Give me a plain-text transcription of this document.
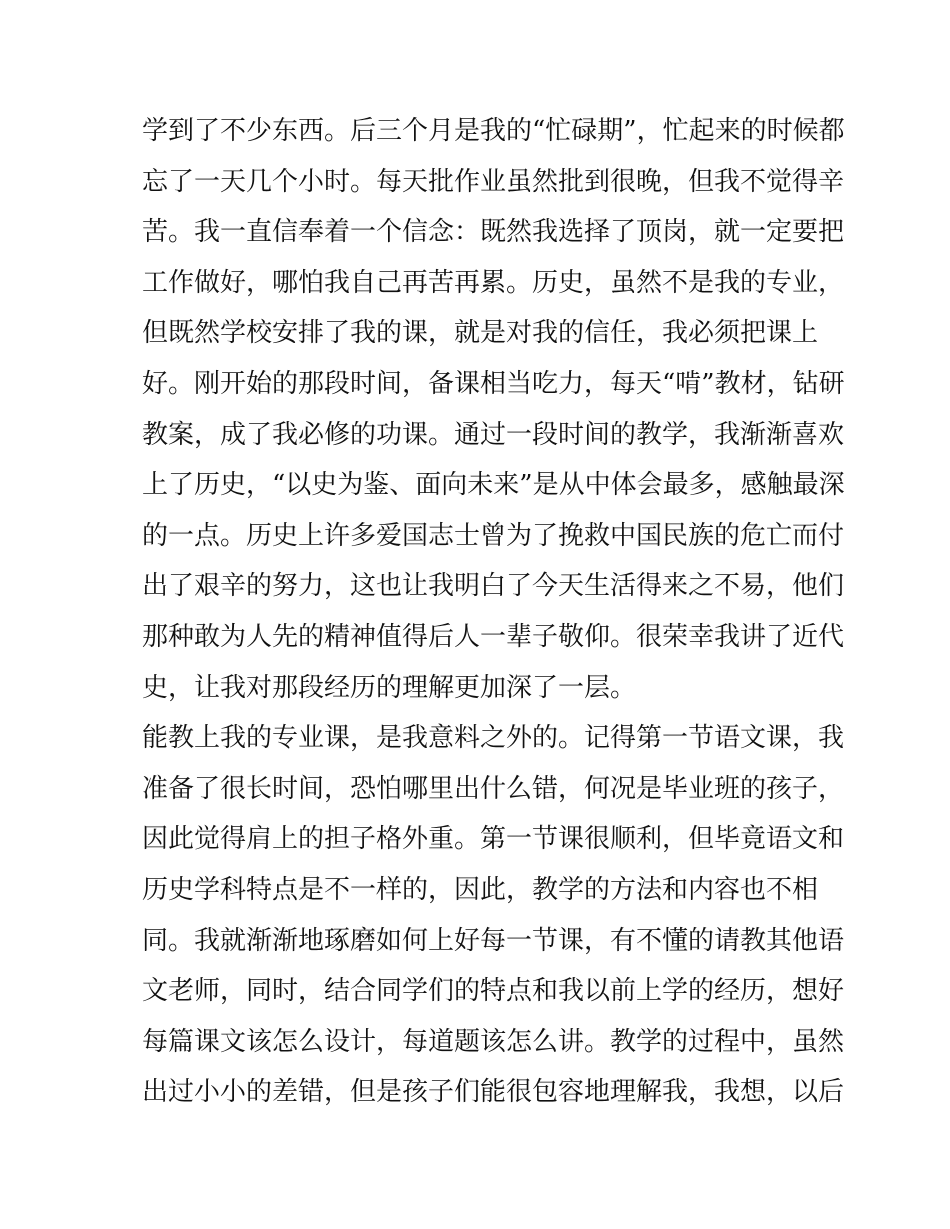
学到了不少东西。后三个月是我的“忙碌期”，忙起来的时候都
忘了一天几个小时。每天批作业虽然批到很晚，但我不觉得辛
苦。我一直信奉着一个信念：既然我选择了顶岗，就一定要把
工作做好，哪怕我自己再苦再累。历史，虽然不是我的专业，
但既然学校安排了我的课，就是对我的信任，我必须把课上
好。刚开始的那段时间，备课相当吃力，每天“啃”教材，钻研
教案，成了我必修的功课。通过一段时间的教学，我渐渐喜欢
上了历史，“以史为鉴、面向未来”是从中体会最多，感触最深
的一点。历史上许多爱国志士曾为了挽救中国民族的危亡而付
出了艰辛的努力，这也让我明白了今天生活得来之不易，他们
那种敢为人先的精神值得后人一辈子敬仰。很荣幸我讲了近代
史，让我对那段经历的理解更加深了一层。
能教上我的专业课，是我意料之外的。记得第一节语文课，我
准备了很长时间，恐怕哪里出什么错，何况是毕业班的孩子，
因此觉得肩上的担子格外重。第一节课很顺利，但毕竟语文和
历史学科特点是不一样的，因此，教学的方法和内容也不相
同。我就渐渐地琢磨如何上好每一节课，有不懂的请教其他语
文老师，同时，结合同学们的特点和我以前上学的经历，想好
每篇课文该怎么设计，每道题该怎么讲。教学的过程中，虽然
出过小小的差错，但是孩子们能很包容地理解我，我想，以后
